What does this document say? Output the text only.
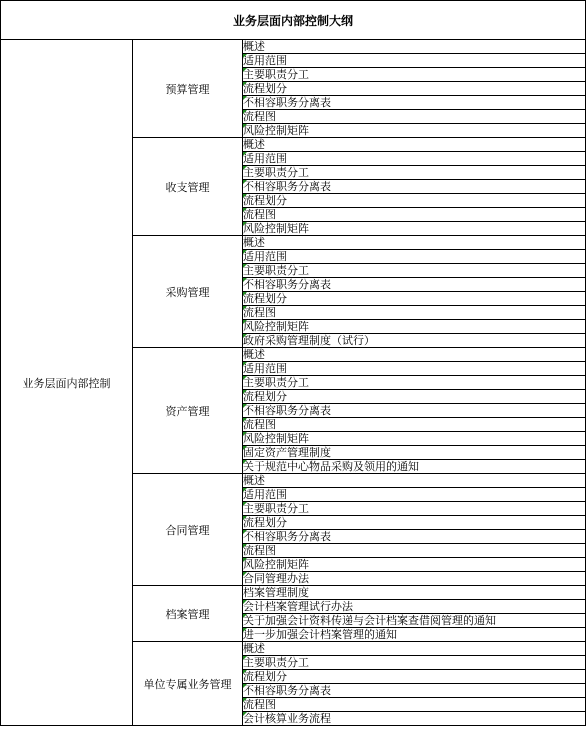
业务层面内部控制大纲
业务层面内部控制	预算管理	概述
		适用范围
		主要职责分工
		流程划分
		不相容职务分离表
		流程图
		风险控制矩阵
	收支管理	概述
		适用范围
		主要职责分工
		不相容职务分离表
		流程划分
		流程图
		风险控制矩阵
	采购管理	概述
		适用范围
		主要职责分工
		不相容职务分离表
		流程划分
		流程图
		风险控制矩阵
		政府采购管理制度（试行）
	资产管理	概述
		适用范围
		主要职责分工
		流程划分
		不相容职务分离表
		流程图
		风险控制矩阵
		固定资产管理制度
		关于规范中心物品采购及领用的通知
	合同管理	概述
		适用范围
		主要职责分工
		流程划分
		不相容职务分离表
		流程图
		风险控制矩阵
		合同管理办法
	档案管理	档案管理制度
		会计档案管理试行办法
		关于加强会计资料传递与会计档案查借阅管理的通知
		进一步加强会计档案管理的通知
	单位专属业务管理	概述
		主要职责分工
		流程划分
		不相容职务分离表
		流程图
		会计核算业务流程
